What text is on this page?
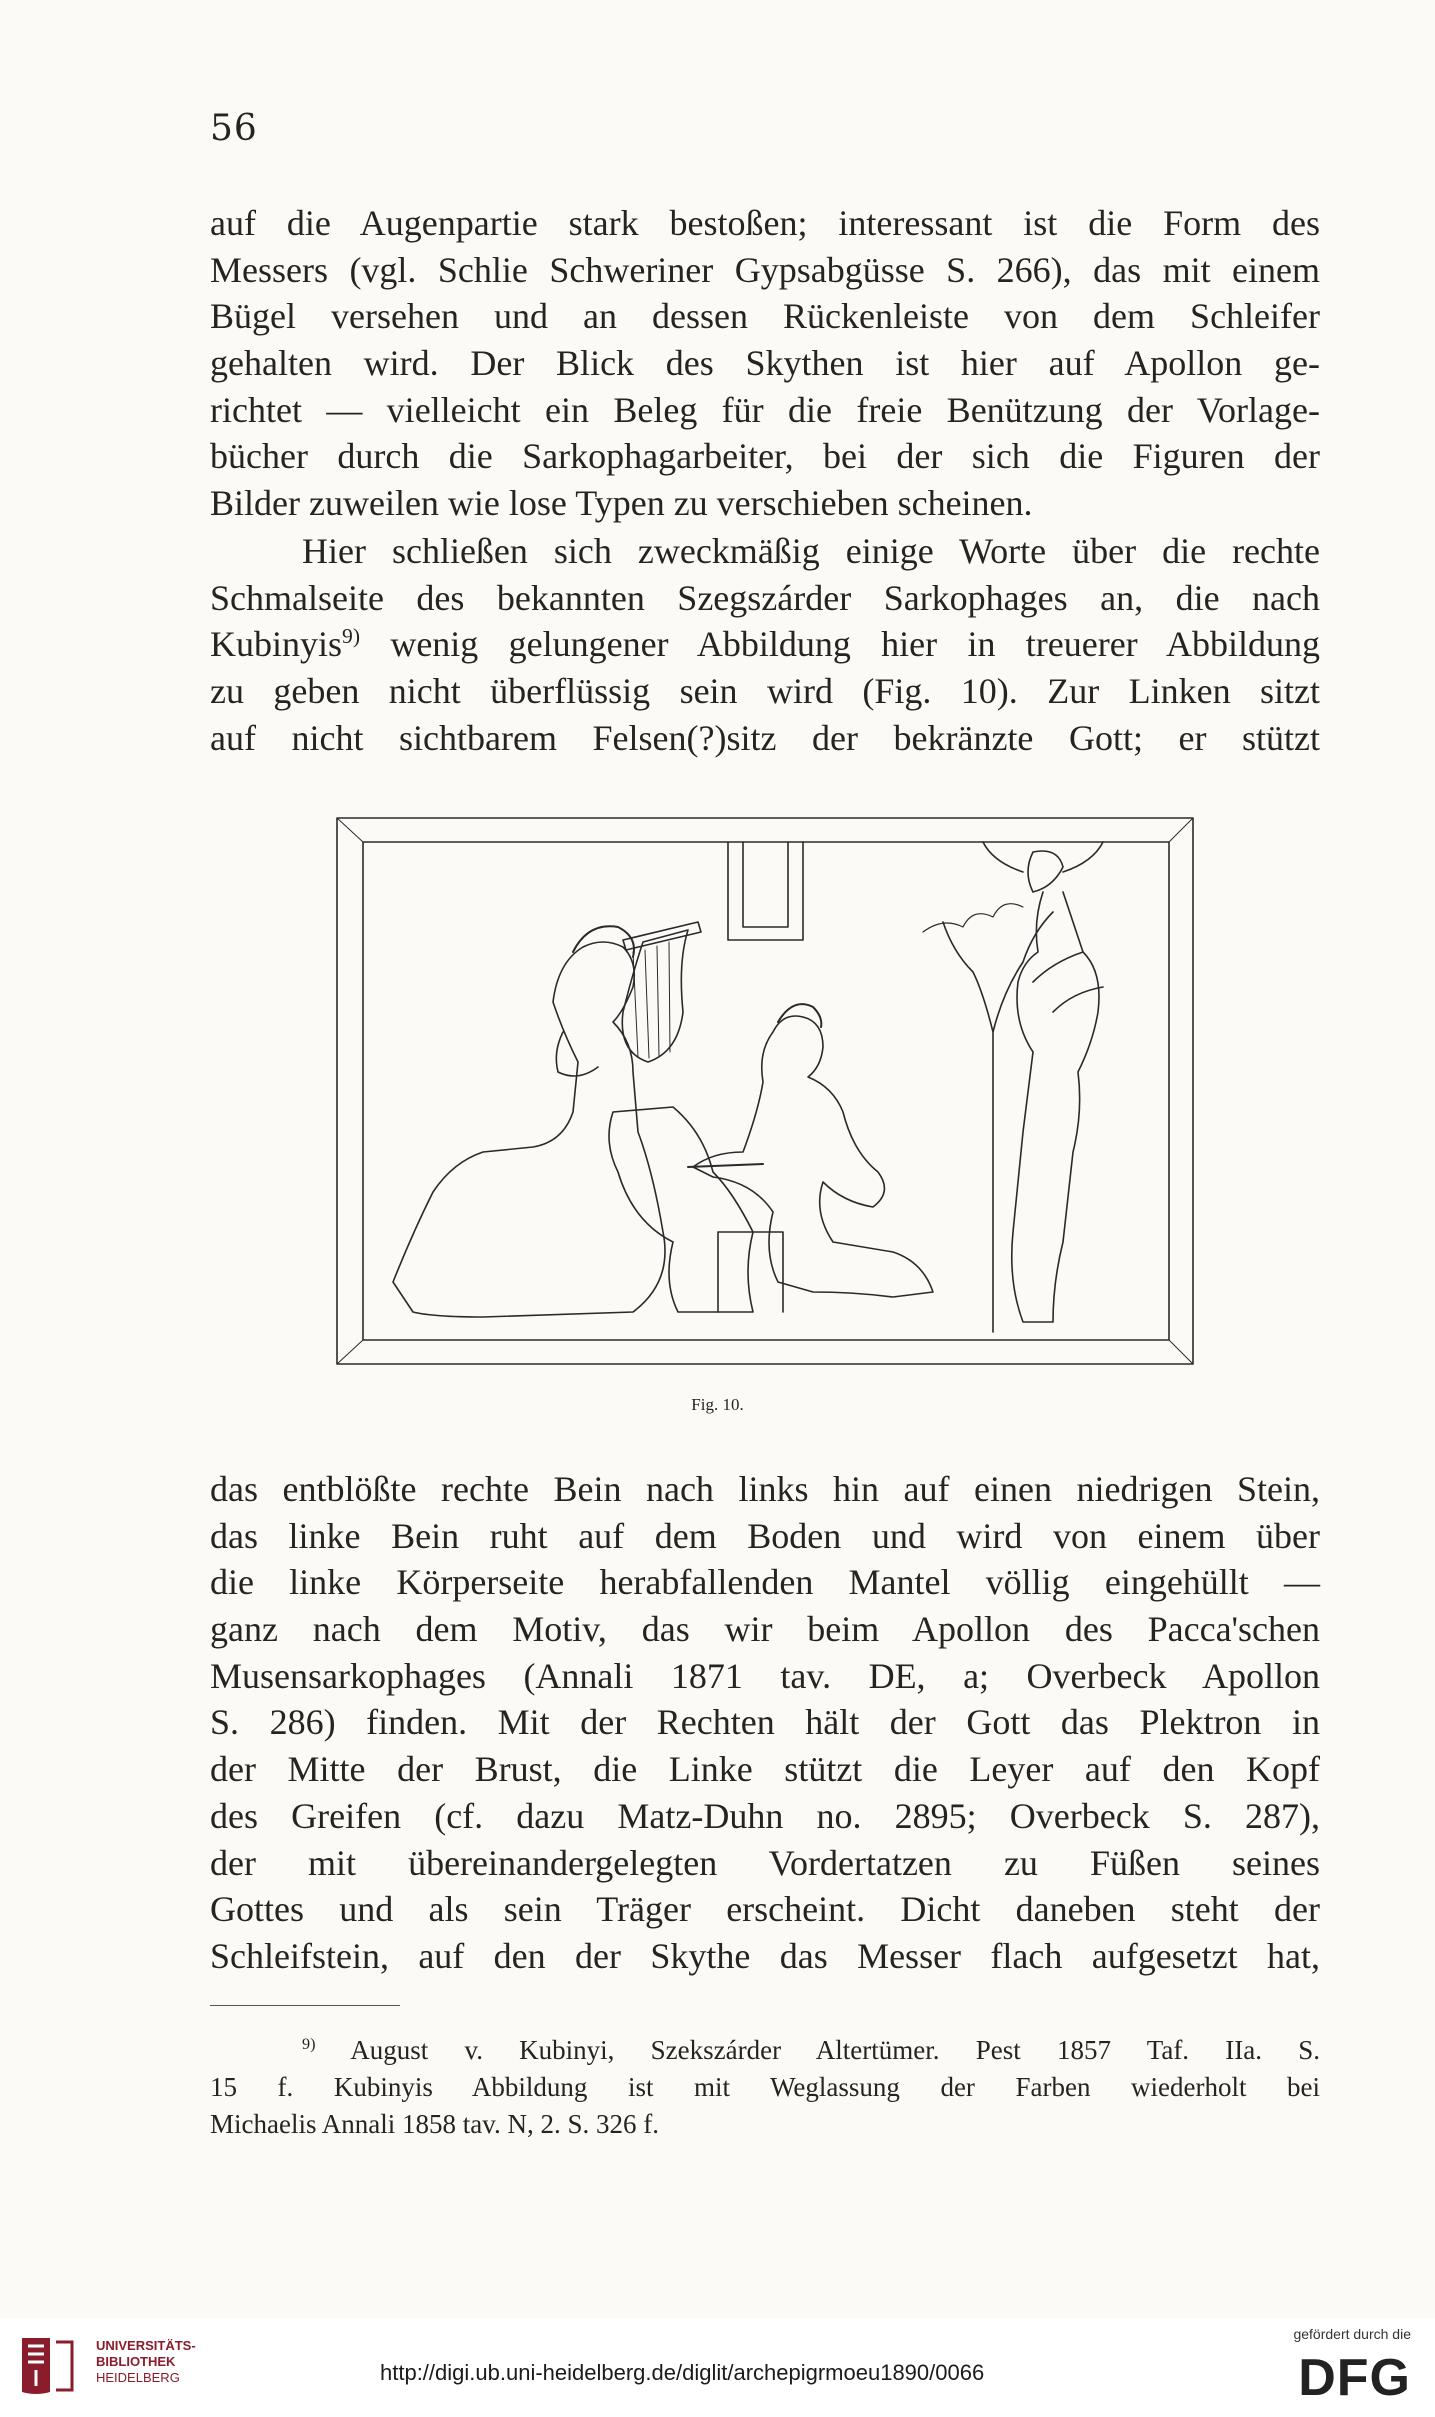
56
auf die Augenpartie stark bestoßen; interessant ist die Form des
Messers (vgl. Schlie Schweriner Gypsabgüsse S. 266), das mit einem
Bügel versehen und an dessen Rückenleiste von dem Schleifer
gehalten wird. Der Blick des Skythen ist hier auf Apollon ge-
richtet — vielleicht ein Beleg für die freie Benützung der Vorlage-
bücher durch die Sarkophagarbeiter, bei der sich die Figuren der
Bilder zuweilen wie lose Typen zu verschieben scheinen.
Hier schließen sich zweckmäßig einige Worte über die rechte
Schmalseite des bekannten Szegszárder Sarkophages an, die nach
Kubinyis$^{9)}$ wenig gelungener Abbildung hier in treuerer Abbildung
zu geben nicht überflüssig sein wird (Fig. 10). Zur Linken sitzt
auf nicht sichtbarem Felsen(?)sitz der bekränzte Gott; er stützt
Fig. 10.
das entblößte rechte Bein nach links hin auf einen niedrigen Stein,
das linke Bein ruht auf dem Boden und wird von einem über
die linke Körperseite herabfallenden Mantel völlig eingehüllt —
ganz nach dem Motiv, das wir beim Apollon des Pacca'schen
Musensarkophages (Annali 1871 tav. DE, a; Overbeck Apollon
S. 286) finden. Mit der Rechten hält der Gott das Plektron in
der Mitte der Brust, die Linke stützt die Leyer auf den Kopf
des Greifen (cf. dazu Matz-Duhn no. 2895; Overbeck S. 287),
der mit übereinandergelegten Vordertatzen zu Füßen seines
Gottes und als sein Träger erscheint. Dicht daneben steht der
Schleifstein, auf den der Skythe das Messer flach aufgesetzt hat,
$^{9)}$ August v. Kubinyi, Szekszárder Altertümer. Pest 1857 Taf. IIa. S.
15 f. Kubinyis Abbildung ist mit Weglassung der Farben wiederholt bei
Michaelis Annali 1858 tav. N, 2. S. 326 f.
UNIVERSITÄTS-
BIBLIOTHEK
HEIDELBERG	http://digi.ub.uni-heidelberg.de/diglit/archepigrmoeu1890/0066
gefördert durch die
DFG
